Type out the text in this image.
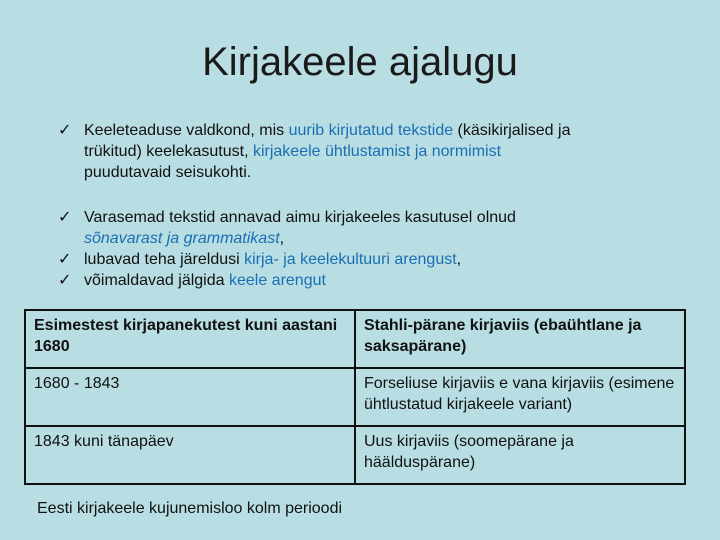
Kirjakeele ajalugu
✓ Keeleteaduse valdkond, mis uurib kirjutatud tekstide (käsikirjalised ja
trükitud) keelekasutust, kirjakeele ühtlustamist ja normimist
puudutavaid seisukohti.
✓ Varasemad tekstid annavad aimu kirjakeeles kasutusel olnud
sõnavarast ja grammatikast,
✓ lubavad teha järeldusi kirja- ja keelekultuuri arengust,
✓ võimaldavad jälgida keele arengut
Esimestest kirjapanekutest kuni aastani 1680	Stahli-pärane kirjaviis (ebaühtlane ja saksapärane)
1680 - 1843	Forseliuse kirjaviis e vana kirjaviis (esimene ühtlustatud kirjakeele variant)
1843 kuni tänapäev	Uus kirjaviis (soomepärane ja häälduspärane)
Eesti kirjakeele kujunemisloo kolm perioodi
